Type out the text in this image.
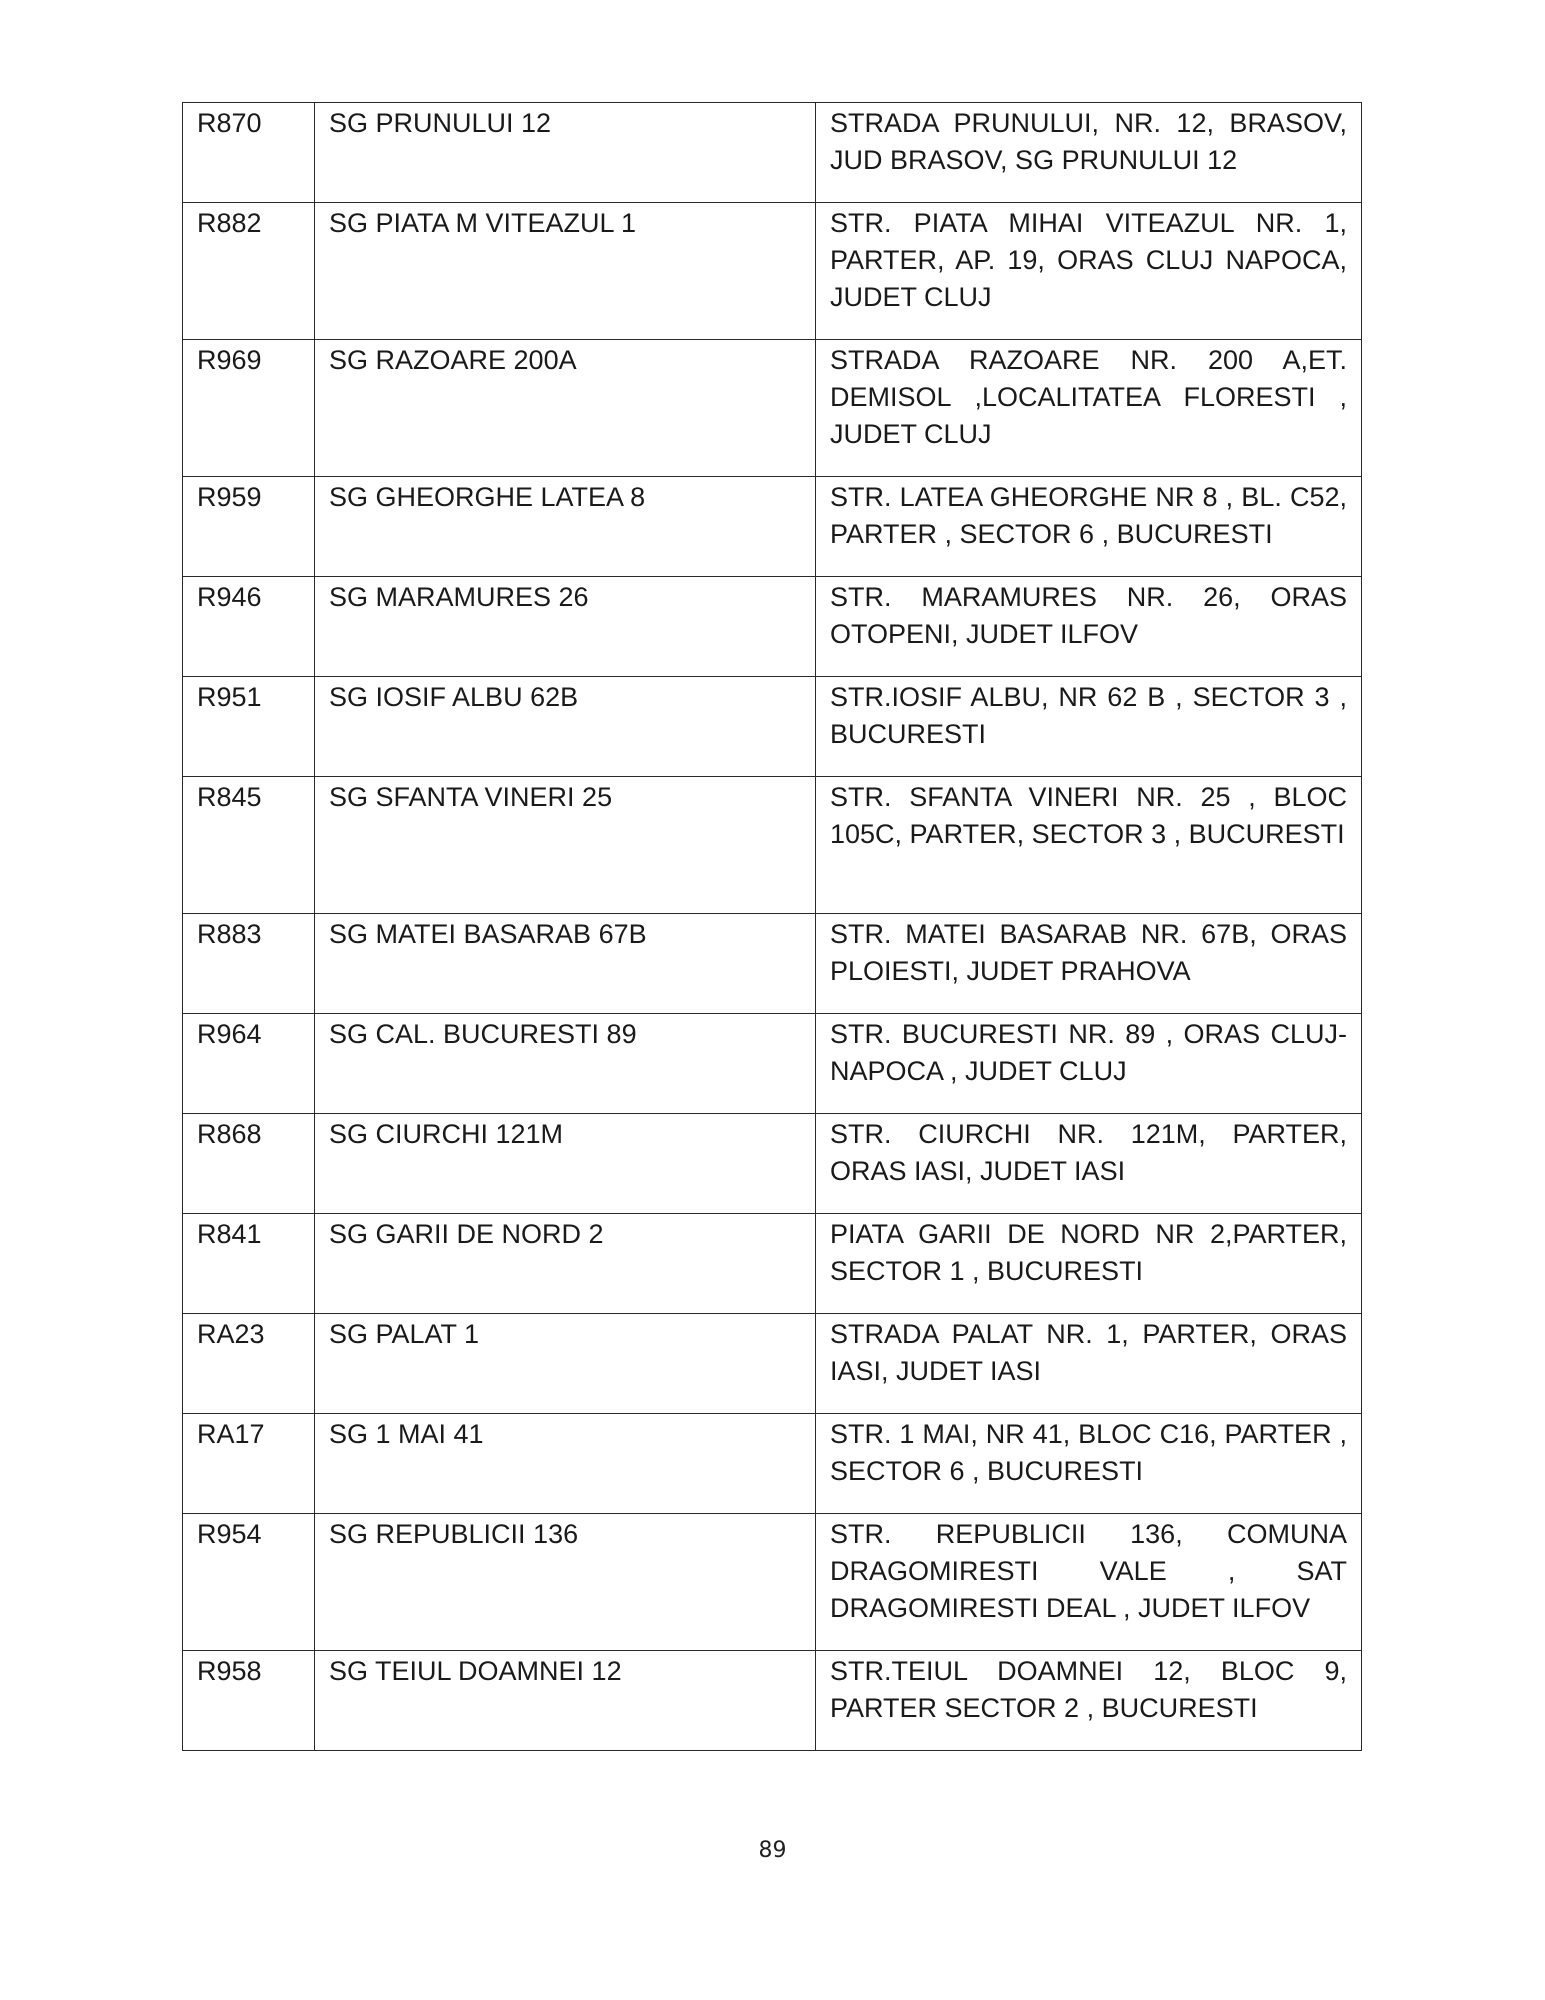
R870	SG PRUNULUI 12	STRADA PRUNULUI, NR. 12, BRASOV, JUD BRASOV, SG PRUNULUI 12
R882	SG PIATA M VITEAZUL 1	STR. PIATA MIHAI VITEAZUL NR. 1, PARTER, AP. 19, ORAS CLUJ NAPOCA, JUDET CLUJ
R969	SG RAZOARE 200A	STRADA RAZOARE NR. 200 A,ET. DEMISOL ,LOCALITATEA FLORESTI , JUDET CLUJ
R959	SG GHEORGHE LATEA 8	STR. LATEA GHEORGHE NR 8 , BL. C52, PARTER , SECTOR 6 , BUCURESTI
R946	SG MARAMURES 26	STR. MARAMURES NR. 26, ORAS OTOPENI, JUDET ILFOV
R951	SG IOSIF ALBU 62B	STR.IOSIF ALBU, NR 62 B , SECTOR 3 , BUCURESTI
R845	SG SFANTA VINERI 25	STR. SFANTA VINERI NR. 25 , BLOC 105C, PARTER, SECTOR 3 , BUCURESTI
R883	SG MATEI BASARAB 67B	STR. MATEI BASARAB NR. 67B, ORAS PLOIESTI, JUDET PRAHOVA
R964	SG CAL. BUCURESTI 89	STR. BUCURESTI NR. 89 , ORAS CLUJ-NAPOCA , JUDET CLUJ
R868	SG CIURCHI 121M	STR. CIURCHI NR. 121M, PARTER, ORAS IASI, JUDET IASI
R841	SG GARII DE NORD 2	PIATA GARII DE NORD NR 2,PARTER, SECTOR 1 , BUCURESTI
RA23	SG PALAT 1	STRADA PALAT NR. 1, PARTER, ORAS IASI, JUDET IASI
RA17	SG 1 MAI 41	STR. 1 MAI, NR 41, BLOC C16, PARTER , SECTOR 6 , BUCURESTI
R954	SG REPUBLICII 136	STR. REPUBLICII 136, COMUNA DRAGOMIRESTI VALE , SAT DRAGOMIRESTI DEAL , JUDET ILFOV
R958	SG TEIUL DOAMNEI 12	STR.TEIUL DOAMNEI 12, BLOC 9, PARTER SECTOR 2 , BUCURESTI
89
